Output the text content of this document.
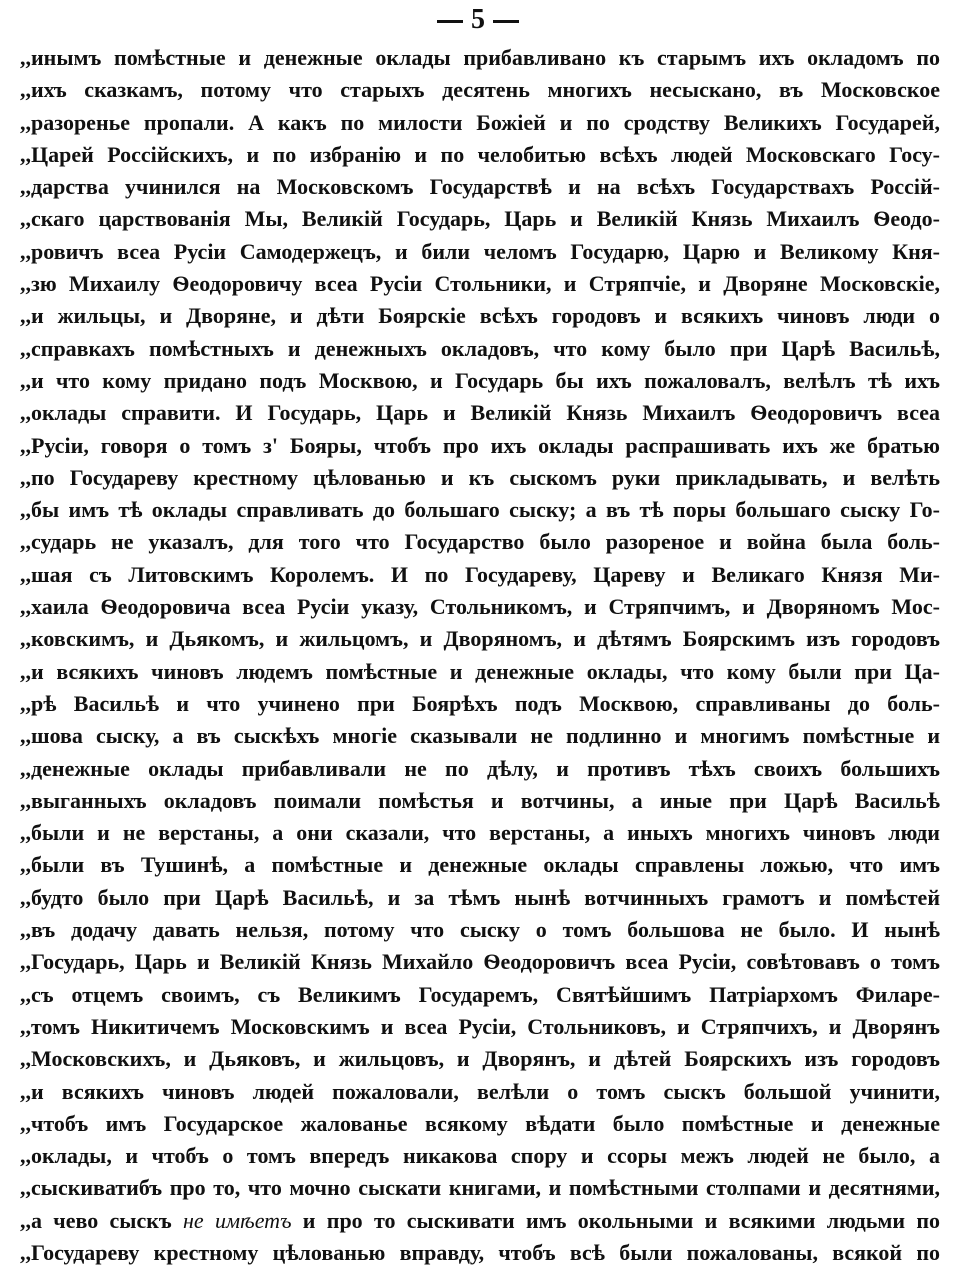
5
,,инымъ помѣстные и денежные оклады прибавливано къ старымъ ихъ окладомъ по
,,ихъ сказкамъ, потому что старыхъ десятень многихъ несыскано, въ Московское
,,разоренье пропали. А какъ по милости Божiей и по сродству Великихъ Государей,
,,Царей Россiйскихъ, и по избранiю и по челобитью всѣхъ людей Московскаго Госу-
,,дарства учинился на Московскомъ Государствѣ и на всѣхъ Государствахъ Россiй-
,,скаго царствованiя Мы, Великiй Государь, Царь и Великiй Князь Михаилъ Ѳеодо-
,,ровичъ всеа Русiи Самодержецъ, и били челомъ Государю, Царю и Великому Кня-
,,зю Михаилу Ѳеодоровичу всеа Русiи Стольники, и Стряпчiе, и Дворяне Московскiе,
,,и жильцы, и Дворяне, и дѣти Боярскiе всѣхъ городовъ и всякихъ чиновъ люди о
,,справкахъ помѣстныхъ и денежныхъ окладовъ, что кому было при Царѣ Васильѣ,
,,и что кому придано подъ Москвою, и Государь бы ихъ пожаловалъ, велѣлъ тѣ ихъ
,,оклады справити. И Государь, Царь и Великiй Князь Михаилъ Ѳеодоровичъ всеа
,,Русiи, говоря о томъ з' Бояры, чтобъ про ихъ оклады распрашивать ихъ же братью
,,по Государеву крестному цѣлованью и къ сыскомъ руки прикладывать, и велѣть
,,бы имъ тѣ оклады справливать до большаго сыску; а въ тѣ поры большаго сыску Го-
,,сударь не указалъ, для того что Государство было разореное и война была боль-
,,шая съ Литовскимъ Королемъ. И по Государеву, Цареву и Великаго Князя Ми-
,,хаила Ѳеодоровича всеа Русiи указу, Стольникомъ, и Стряпчимъ, и Дворяномъ Мос-
,,ковскимъ, и Дьякомъ, и жильцомъ, и Дворяномъ, и дѣтямъ Боярскимъ изъ городовъ
,,и всякихъ чиновъ людемъ помѣстные и денежные оклады, что кому были при Ца-
,,рѣ Васильѣ и что учинено при Боярѣхъ подъ Москвою, справливаны до боль-
,,шова сыску, а въ сыскѣхъ многiе сказывали не подлинно и многимъ помѣстные и
,,денежные оклады прибавливали не по дѣлу, и противъ тѣхъ своихъ большихъ
,,выганныхъ окладовъ поимали помѣстья и вотчины, а иные при Царѣ Васильѣ
,,были и не верстаны, а они сказали, что верстаны, а иныхъ многихъ чиновъ люди
,,были въ Тушинѣ, а помѣстные и денежные оклады справлены ложью, что имъ
,,будто было при Царѣ Васильѣ, и за тѣмъ нынѣ вотчинныхъ грамотъ и помѣстей
,,въ додачу давать нельзя, потому что сыску о томъ большова не было. И нынѣ
,,Государь, Царь и Великiй Князь Михайло Ѳеодоровичъ всеа Русiи, совѣтовавъ о томъ
,,съ отцемъ своимъ, съ Великимъ Государемъ, Святѣйшимъ Патрiархомъ Филаре-
,,томъ Никитичемъ Московскимъ и всеа Русiи, Стольниковъ, и Стряпчихъ, и Дворянъ
,,Московскихъ, и Дьяковъ, и жильцовъ, и Дворянъ, и дѣтей Боярскихъ изъ городовъ
,,и всякихъ чиновъ людей пожаловали, велѣли о томъ сыскъ большой учинити,
,,чтобъ имъ Государское жалованье всякому вѣдати было помѣстные и денежные
,,оклады, и чтобъ о томъ впередъ никакова спору и ссоры межъ людей не было, а
,,сыскиватибъ про то, что мочно сыскати книгами, и помѣстными столпами и десятнями,
,,а чево сыскъ не имѣетъ и про то сыскивати имъ окольными и всякими людьми по
,,Государеву крестному цѣлованью вправду, чтобъ всѣ были пожалованы, всякой по
